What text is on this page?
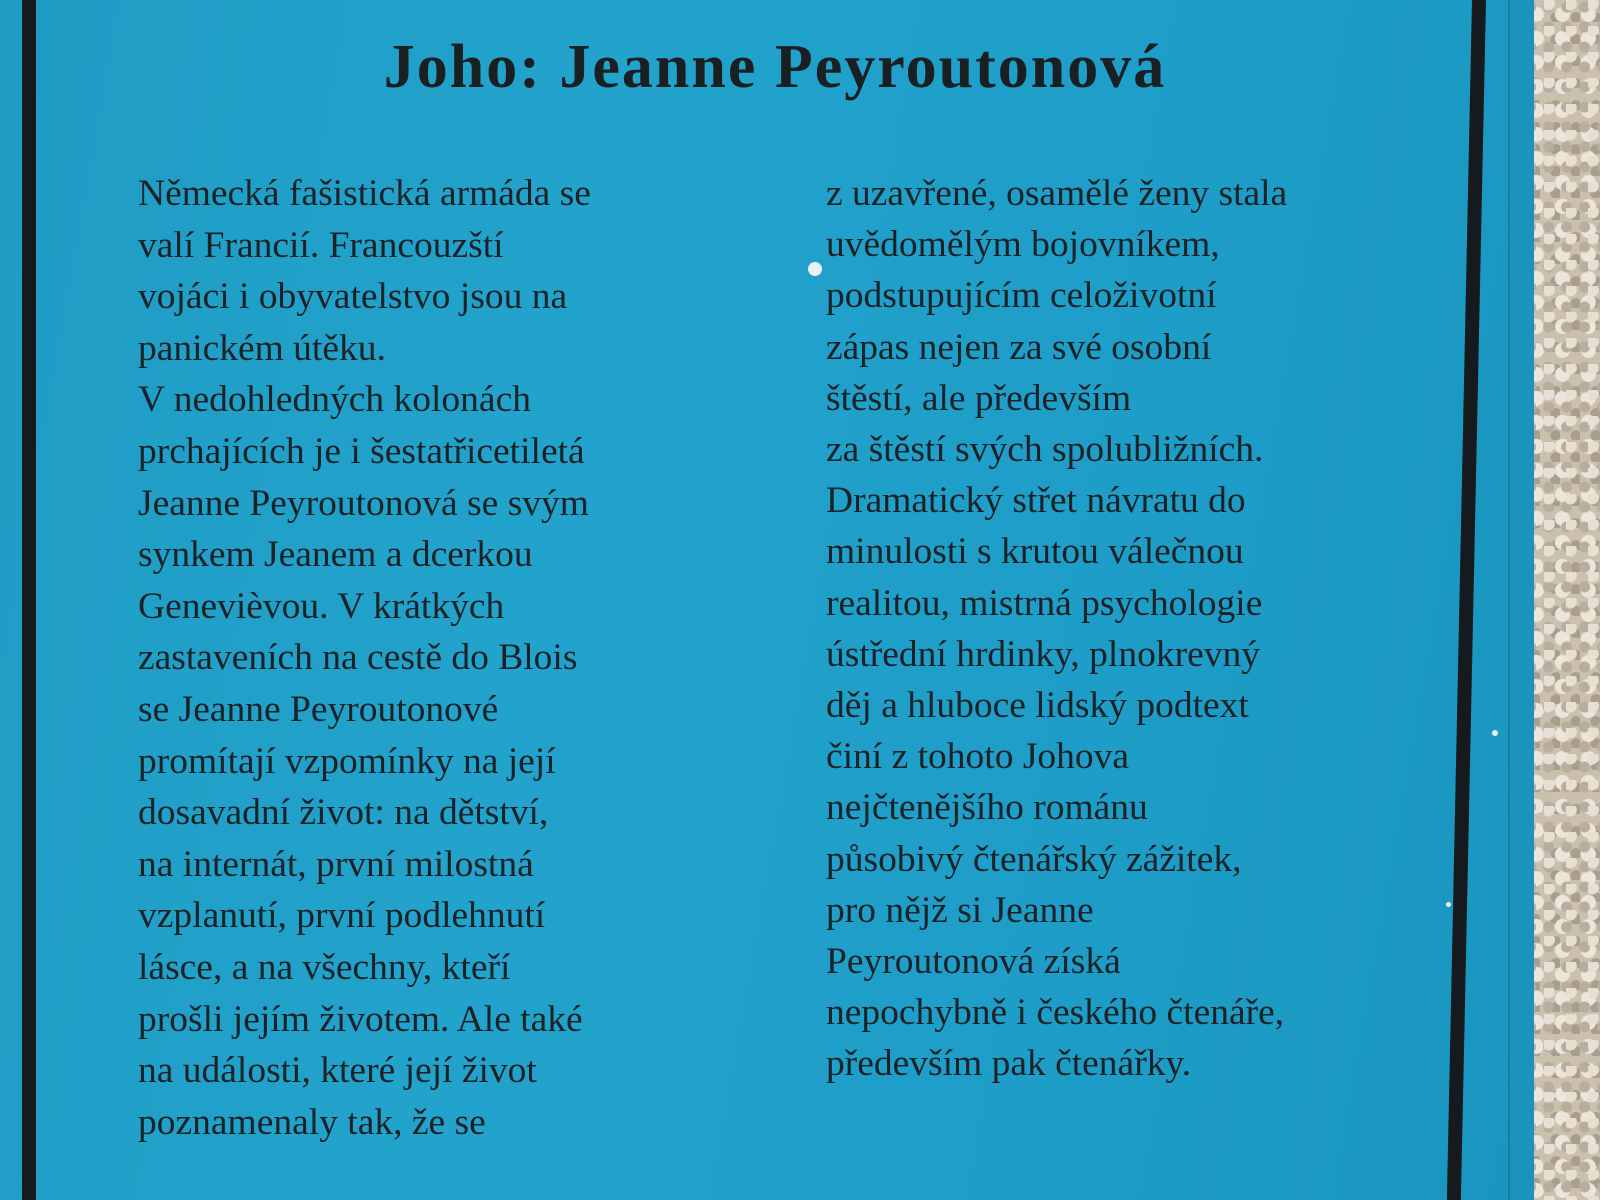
Joho: Jeanne Peyroutonová
Německá fašistická armáda se
valí Francií. Francouzští
vojáci i obyvatelstvo jsou na
panickém útěku.
V nedohledných kolonách
prchajících je i šestatřicetiletá
Jeanne Peyroutonová se svým
synkem Jeanem a dcerkou
Genevièvou. V krátkých
zastaveních na cestě do Blois
se Jeanne Peyroutonové
promítají vzpomínky na její
dosavadní život: na dětství,
na internát, první milostná
vzplanutí, první podlehnutí
lásce, a na všechny, kteří
prošli jejím životem. Ale také
na události, které její život
poznamenaly tak, že se
z uzavřené, osamělé ženy stala
uvědomělým bojovníkem,
podstupujícím celoživotní
zápas nejen za své osobní
štěstí, ale především
za štěstí svých spolubližních.
Dramatický střet návratu do
minulosti s krutou válečnou
realitou, mistrná psychologie
ústřední hrdinky, plnokrevný
děj a hluboce lidský podtext
činí z tohoto Johova
nejčtenějšího románu
působivý čtenářský zážitek,
pro nějž si Jeanne
Peyroutonová získá
nepochybně i českého čtenáře,
především pak čtenářky.
